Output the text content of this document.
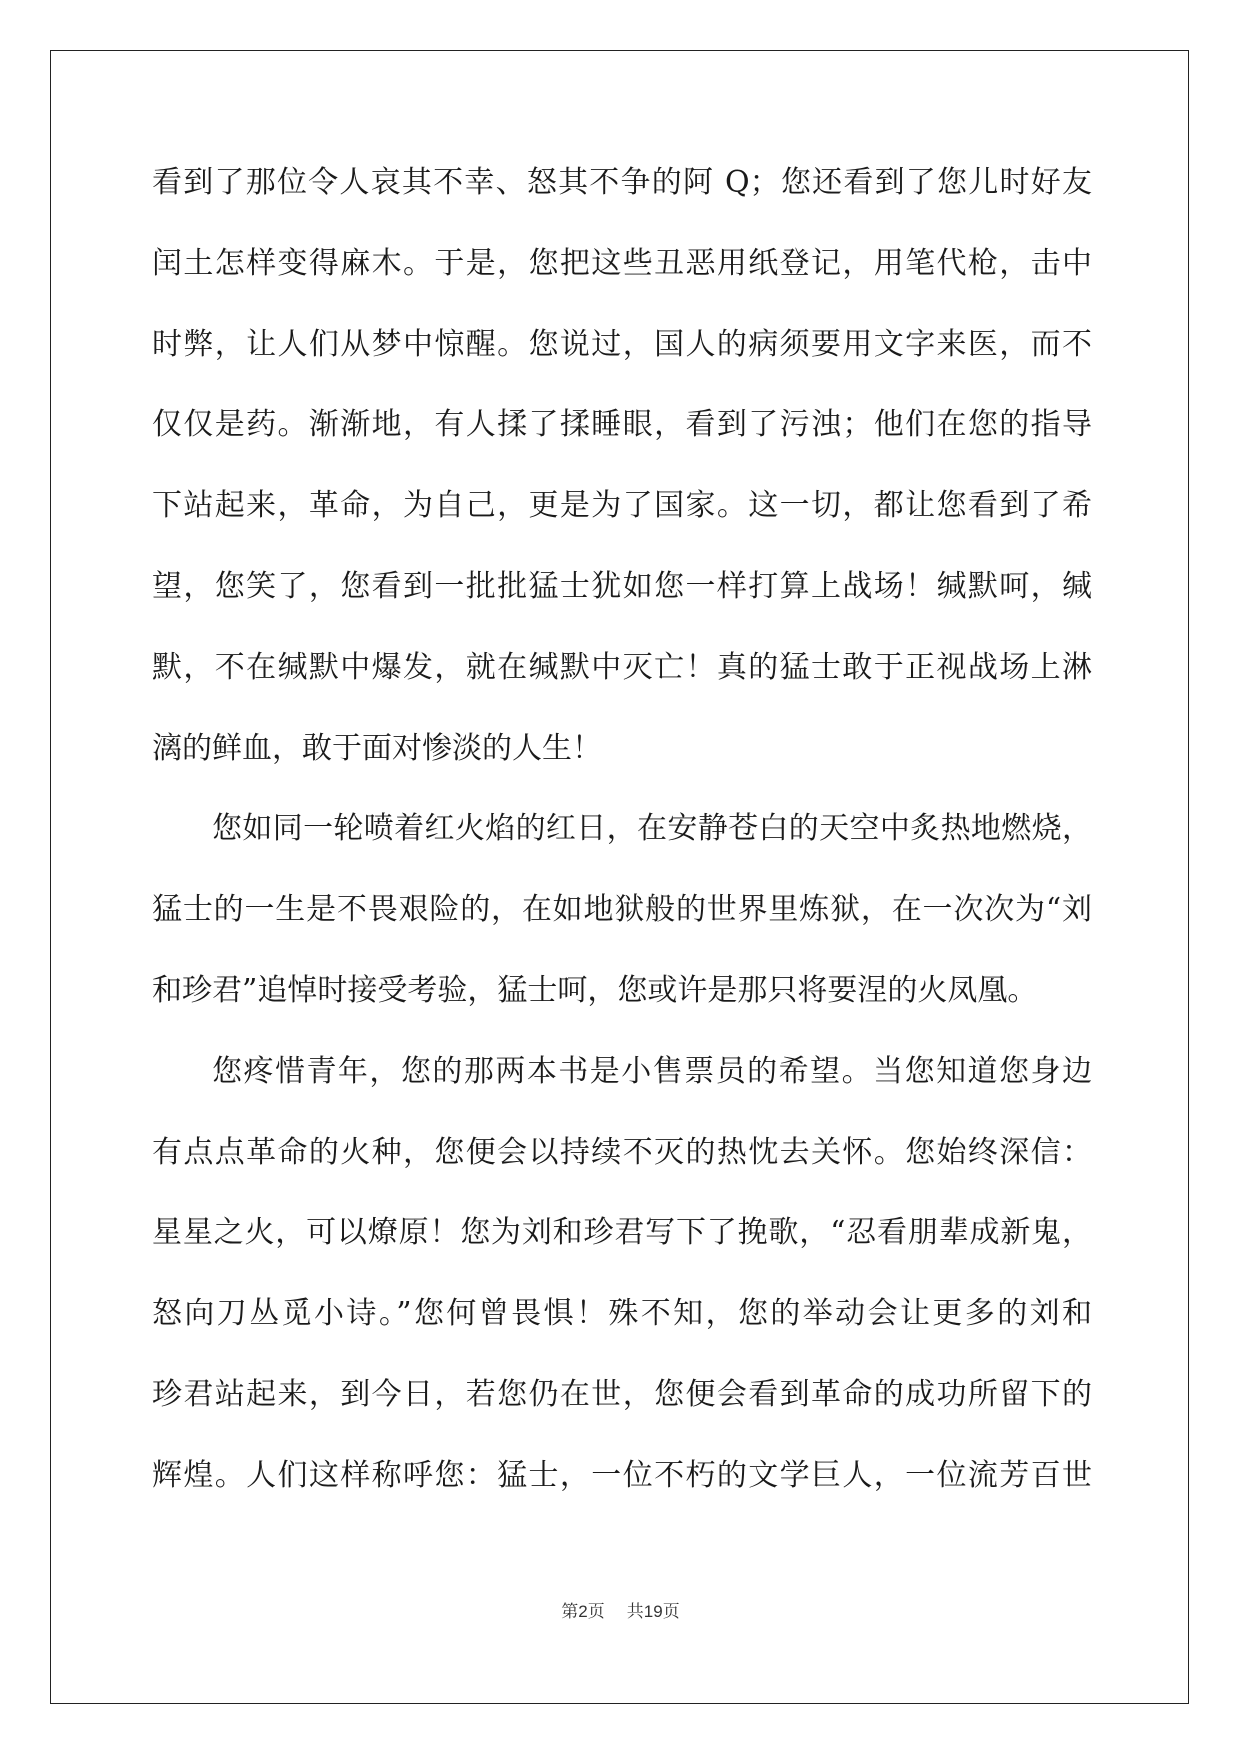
看到了那位令人哀其不幸、怒其不争的阿 Q；您还看到了您儿时好友
闰土怎样变得麻木。于是，您把这些丑恶用纸登记，用笔代枪，击中
时弊，让人们从梦中惊醒。您说过，国人的病须要用文字来医，而不
仅仅是药。渐渐地，有人揉了揉睡眼，看到了污浊；他们在您的指导
下站起来，革命，为自己，更是为了国家。这一切，都让您看到了希
望，您笑了，您看到一批批猛士犹如您一样打算上战场！缄默呵，缄
默，不在缄默中爆发，就在缄默中灭亡！真的猛士敢于正视战场上淋
漓的鲜血，敢于面对惨淡的人生！
您如同一轮喷着红火焰的红日，在安静苍白的天空中炙热地燃烧，
猛士的一生是不畏艰险的，在如地狱般的世界里炼狱，在一次次为“刘
和珍君”追悼时接受考验，猛士呵，您或许是那只将要涅的火凤凰。
您疼惜青年，您的那两本书是小售票员的希望。当您知道您身边
有点点革命的火种，您便会以持续不灭的热忱去关怀。您始终深信：
星星之火，可以燎原！您为刘和珍君写下了挽歌，“忍看朋辈成新鬼，
怒向刀丛觅小诗。”您何曾畏惧！殊不知，您的举动会让更多的刘和
珍君站起来，到今日，若您仍在世，您便会看到革命的成功所留下的
辉煌。人们这样称呼您：猛士，一位不朽的文学巨人，一位流芳百世
第2页 共19页
